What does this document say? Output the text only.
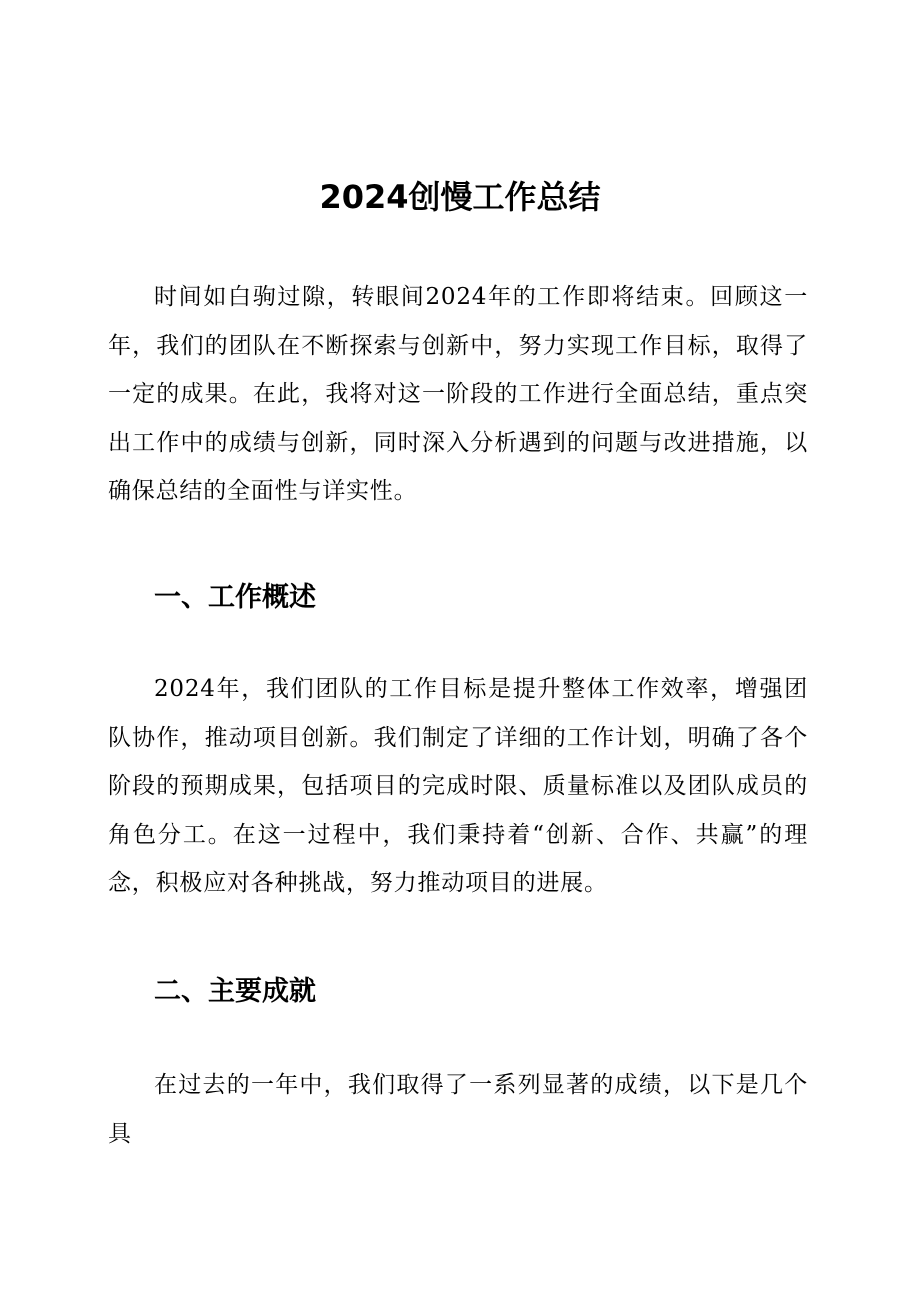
2024创慢工作总结

时间如白驹过隙，转眼间2024年的工作即将结束。回顾这一年，我们的团队在不断探索与创新中，努力实现工作目标，取得了一定的成果。在此，我将对这一阶段的工作进行全面总结，重点突出工作中的成绩与创新，同时深入分析遇到的问题与改进措施，以确保总结的全面性与详实性。

一、工作概述

2024年，我们团队的工作目标是提升整体工作效率，增强团队协作，推动项目创新。我们制定了详细的工作计划，明确了各个阶段的预期成果，包括项目的完成时限、质量标准以及团队成员的角色分工。在这一过程中，我们秉持着“创新、合作、共赢”的理念，积极应对各种挑战，努力推动项目的进展。

二、主要成就

在过去的一年中，我们取得了一系列显著的成绩，以下是几个具
